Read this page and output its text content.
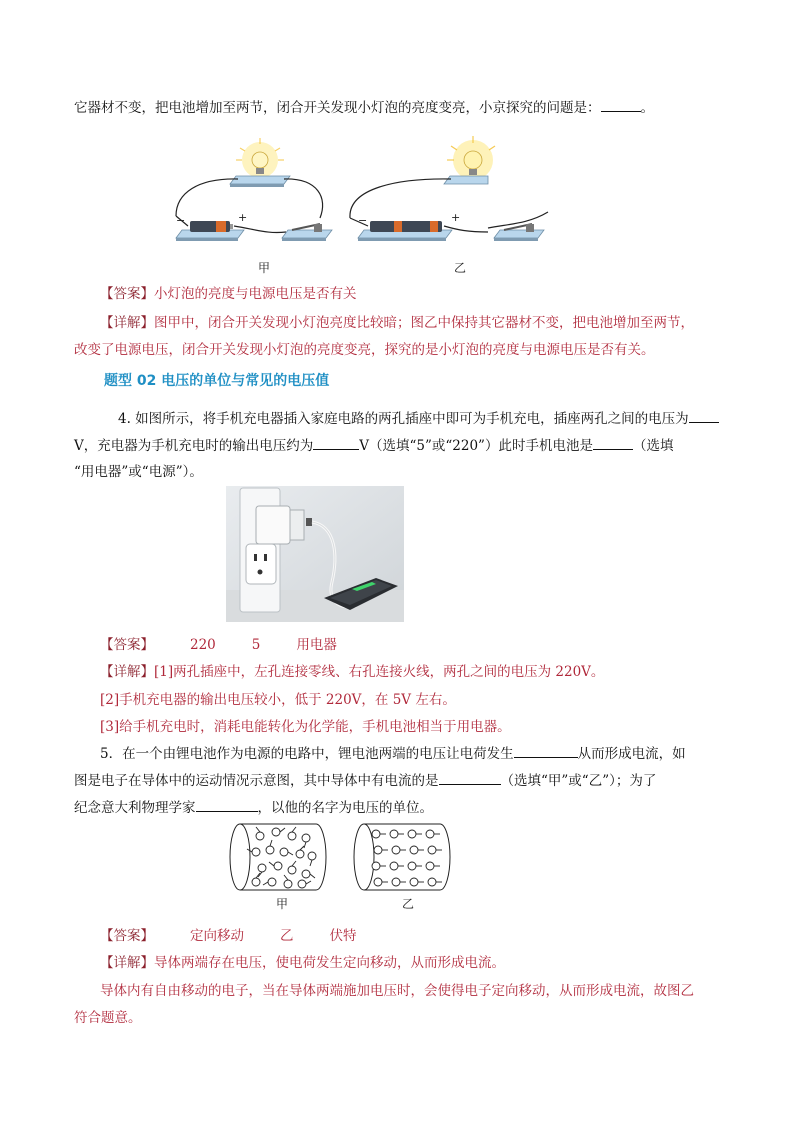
它器材不变，把电池增加至两节，闭合开关发现小灯泡的亮度变亮，小京探究的问题是：	。
−	+
甲
−	+
乙
【答案】小灯泡的亮度与电源电压是否有关
【详解】图甲中，闭合开关发现小灯泡亮度比较暗；图乙中保持其它器材不变，把电池增加至两节，
改变了电源电压，闭合开关发现小灯泡的亮度变亮，探究的是小灯泡的亮度与电源电压是否有关。
题型 02 电压的单位与常见的电压值
4. 如图所示，将手机充电器插入家庭电路的两孔插座中即可为手机充电，插座两孔之间的电压为
V，充电器为手机充电时的输出电压约为	V（选填“5”或“220”）此时手机电池是	（选填
“用电器”或“电源”）。
【答案】	220	5	用电器
【详解】[1]两孔插座中，左孔连接零线、右孔连接火线，两孔之间的电压为 220V。
[2]手机充电器的输出电压较小，低于 220V，在 5V 左右。
[3]给手机充电时，消耗电能转化为化学能，手机电池相当于用电器。
5．在一个由锂电池作为电源的电路中，锂电池两端的电压让电荷发生	从而形成电流，如
图是电子在导体中的运动情况示意图，其中导体中有电流的是	（选填“甲”或“乙”）；为了
纪念意大利物理学家	，以他的名字为电压的单位。
甲	乙
【答案】	定向移动	乙	伏特
【详解】导体两端存在电压，使电荷发生定向移动，从而形成电流。
导体内有自由移动的电子，当在导体两端施加电压时，会使得电子定向移动，从而形成电流，故图乙
符合题意。
